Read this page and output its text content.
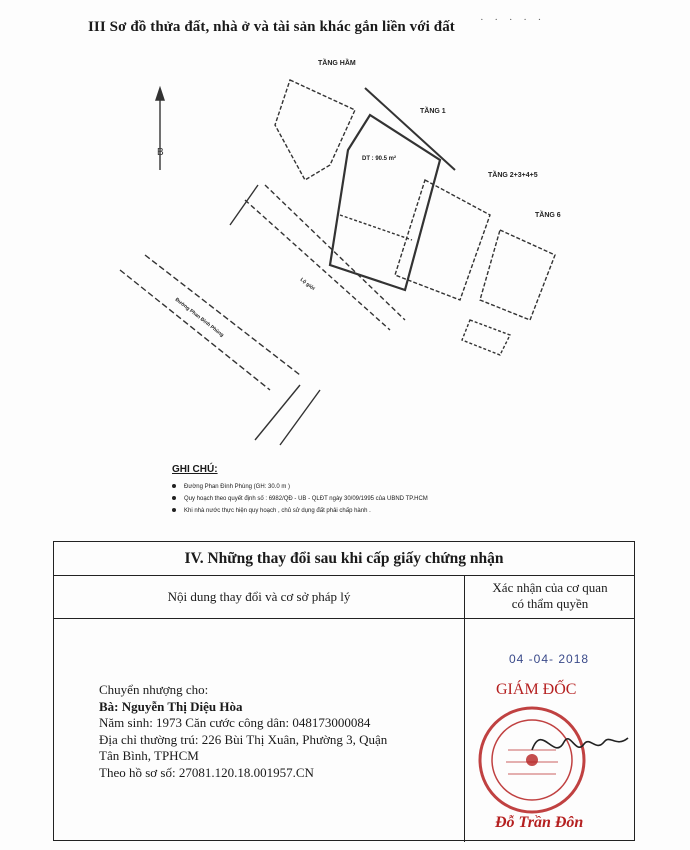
III Sơ đồ thửa đất, nhà ở và tài sản khác gắn liền với đất · · · · ·
B
TẦNG HẦM
TẦNG 1
TẦNG 2+3+4+5
TẦNG 6
DT : 90.5 m²
Đường Phan Đình Phùng
Lộ giới
GHI CHÚ:
Đường Phan Đình Phùng (GH: 30.0 m )
Quy hoạch theo quyết định số : 6982/QĐ - UB - QLĐT ngày 30/09/1995 của UBND TP.HCM
Khi nhà nước thực hiện quy hoạch , chủ sử dụng đất phải chấp hành .
IV. Những thay đổi sau khi cấp giấy chứng nhận
Nội dung thay đổi và cơ sở pháp lý
Xác nhận của cơ quan
có thẩm quyền
Chuyển nhượng cho:
Bà: Nguyễn Thị Diệu Hòa
Năm sinh: 1973 Căn cước công dân: 048173000084
Địa chỉ thường trú: 226 Bùi Thị Xuân, Phường 3, Quận
Tân Bình, TPHCM
Theo hồ sơ số: 27081.120.18.001957.CN
04 -04- 2018
GIÁM ĐỐC
Đỗ Trần Đôn
